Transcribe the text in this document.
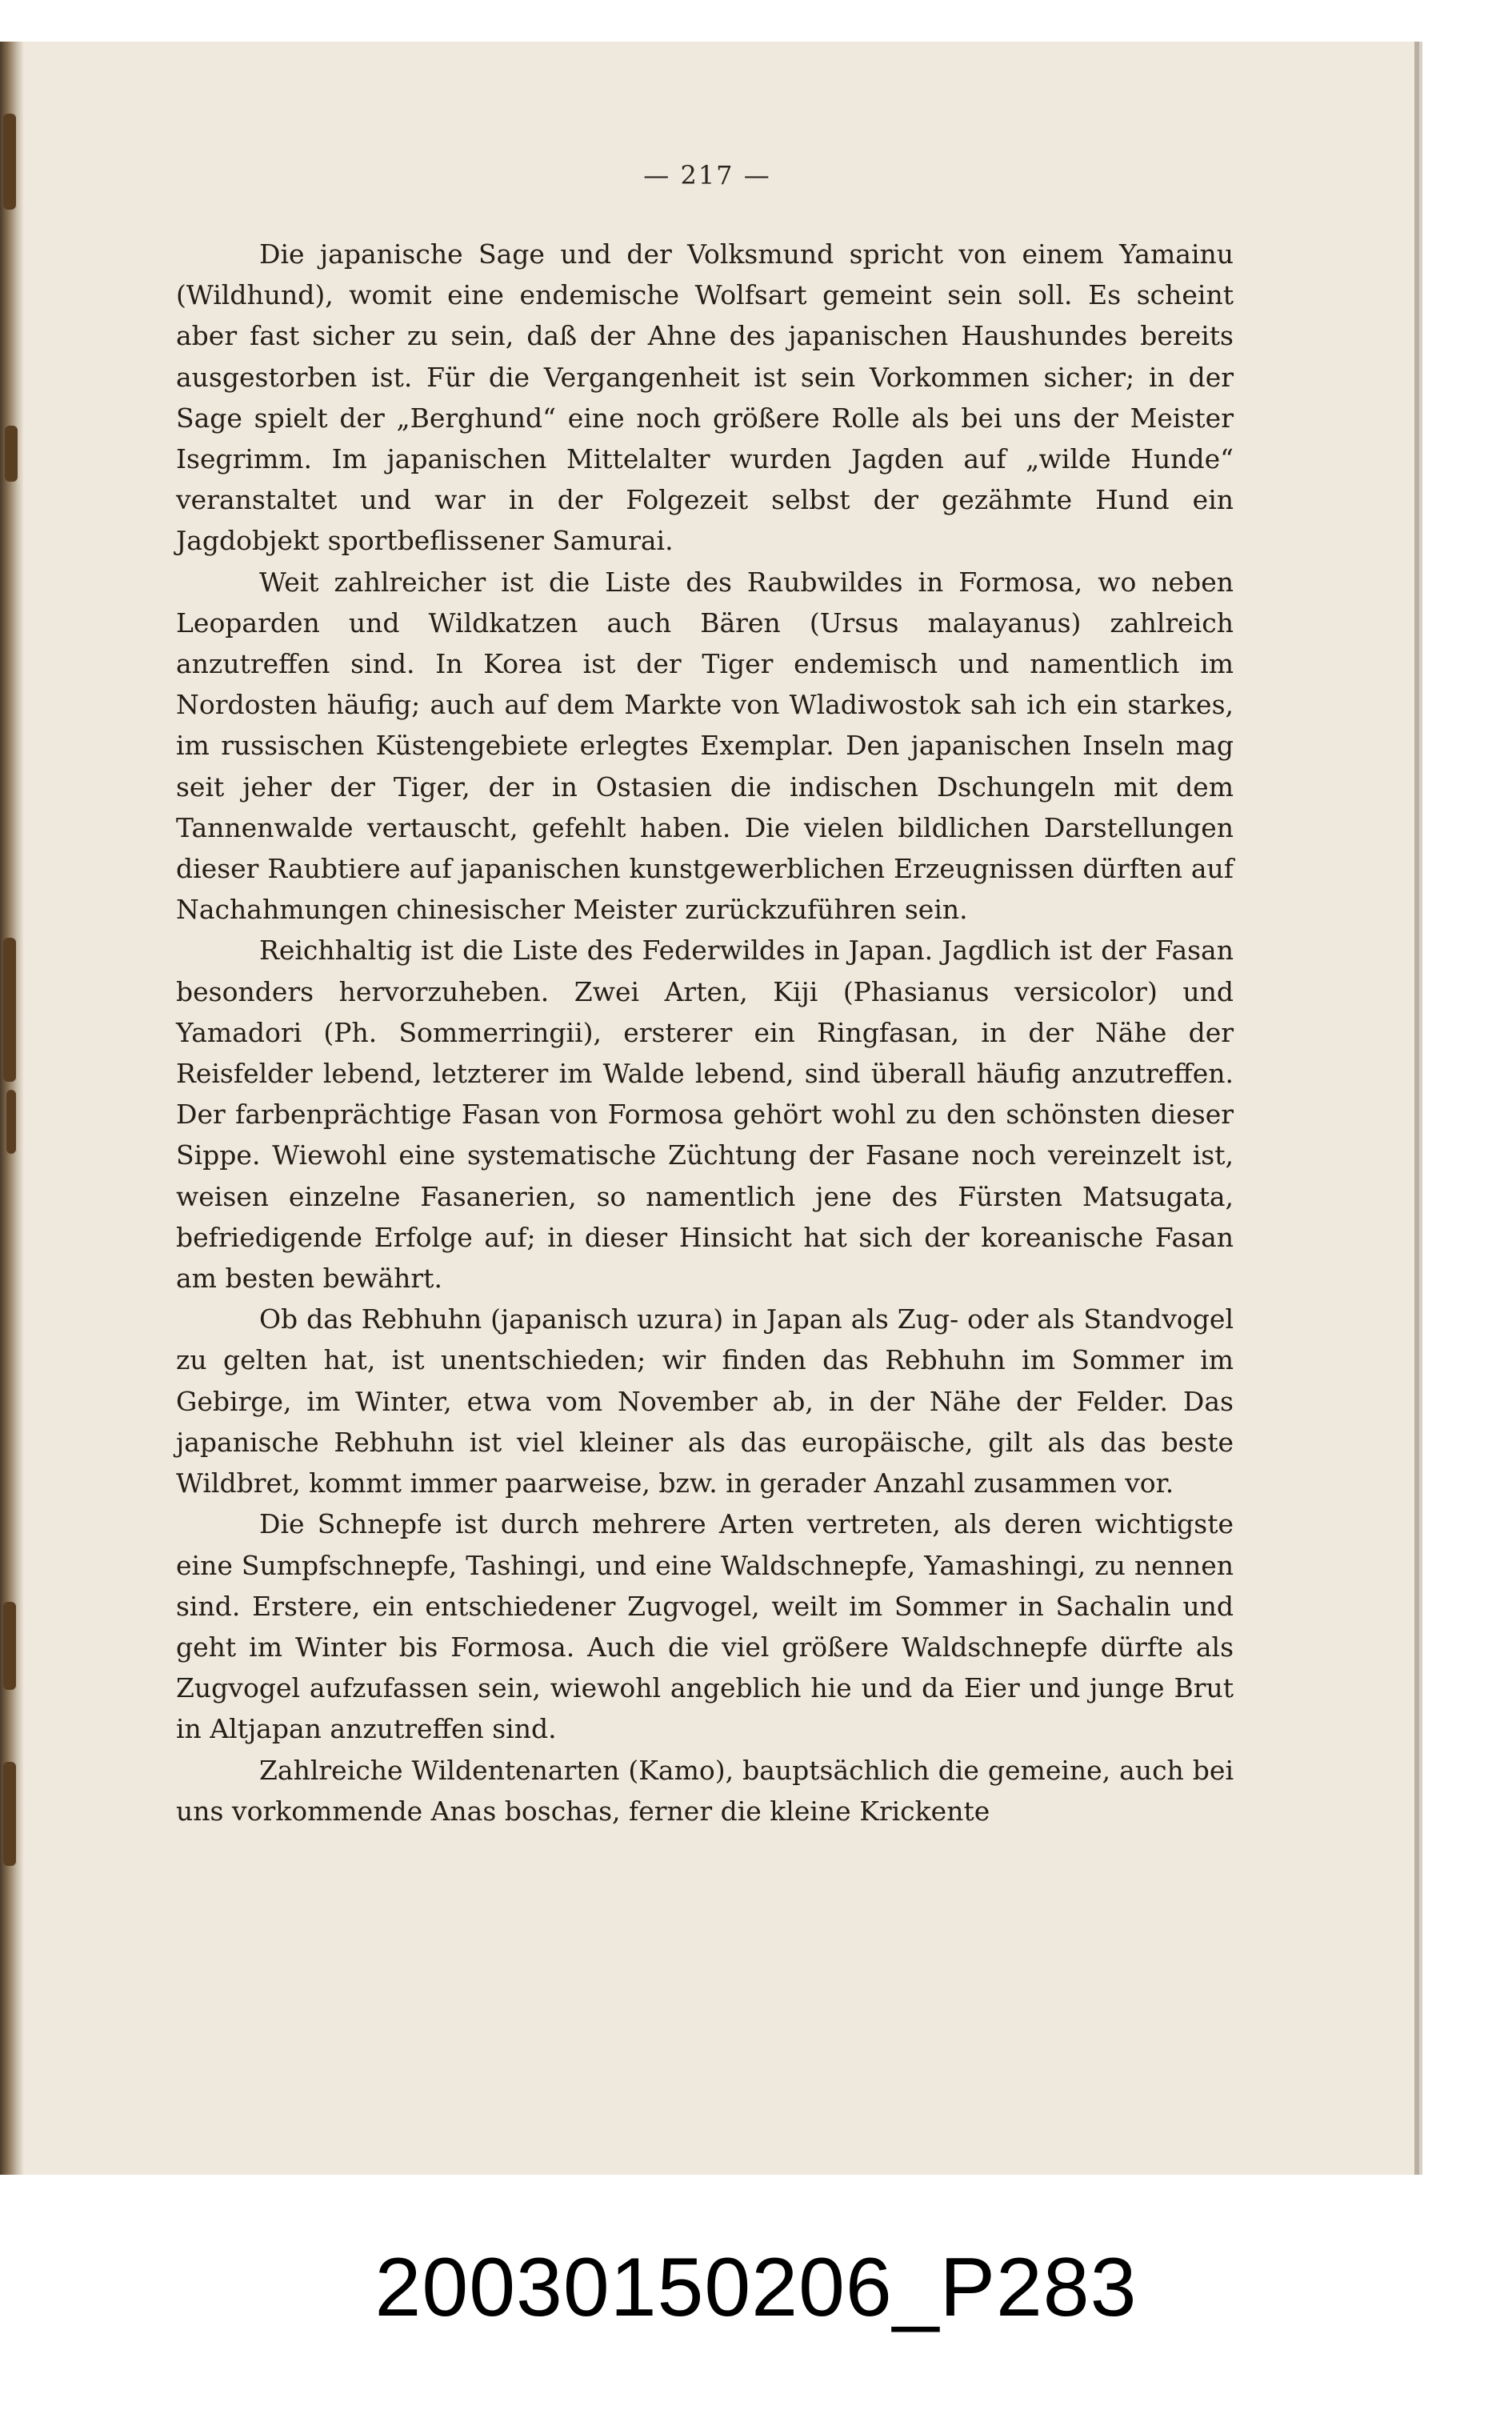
— 217 —

Die japanische Sage und der Volksmund spricht von einem Yamainu (Wildhund), womit eine endemische Wolfsart gemeint sein soll. Es scheint aber fast sicher zu sein, daß der Ahne des japanischen Haushundes bereits ausgestorben ist. Für die Vergangenheit ist sein Vorkommen sicher; in der Sage spielt der „Berghund“ eine noch größere Rolle als bei uns der Meister Isegrimm. Im japanischen Mittelalter wurden Jagden auf „wilde Hunde“ veranstaltet und war in der Folgezeit selbst der gezähmte Hund ein Jagdobjekt sportbeflissener Samurai.

Weit zahlreicher ist die Liste des Raubwildes in Formosa, wo neben Leoparden und Wildkatzen auch Bären (Ursus malayanus) zahlreich anzutreffen sind. In Korea ist der Tiger endemisch und namentlich im Nordosten häufig; auch auf dem Markte von Wladiwostok sah ich ein starkes, im russischen Küstengebiete erlegtes Exemplar. Den japanischen Inseln mag seit jeher der Tiger, der in Ostasien die indischen Dschungeln mit dem Tannenwalde vertauscht, gefehlt haben. Die vielen bildlichen Darstellungen dieser Raubtiere auf japanischen kunstgewerblichen Erzeugnissen dürften auf Nachahmungen chinesischer Meister zurückzuführen sein.

Reichhaltig ist die Liste des Federwildes in Japan. Jagdlich ist der Fasan besonders hervorzuheben. Zwei Arten, Kiji (Phasianus versicolor) und Yamadori (Ph. Sommerringii), ersterer ein Ringfasan, in der Nähe der Reisfelder lebend, letzterer im Walde lebend, sind überall häufig anzutreffen. Der farbenprächtige Fasan von Formosa gehört wohl zu den schönsten dieser Sippe. Wiewohl eine systematische Züchtung der Fasane noch vereinzelt ist, weisen einzelne Fasanerien, so namentlich jene des Fürsten Matsugata, befriedigende Erfolge auf; in dieser Hinsicht hat sich der koreanische Fasan am besten bewährt.

Ob das Rebhuhn (japanisch uzura) in Japan als Zug- oder als Standvogel zu gelten hat, ist unentschieden; wir finden das Rebhuhn im Sommer im Gebirge, im Winter, etwa vom November ab, in der Nähe der Felder. Das japanische Rebhuhn ist viel kleiner als das europäische, gilt als das beste Wildbret, kommt immer paarweise, bzw. in gerader Anzahl zusammen vor.

Die Schnepfe ist durch mehrere Arten vertreten, als deren wichtigste eine Sumpfschnepfe, Tashingi, und eine Waldschnepfe, Yamashingi, zu nennen sind. Erstere, ein entschiedener Zugvogel, weilt im Sommer in Sachalin und geht im Winter bis Formosa. Auch die viel größere Waldschnepfe dürfte als Zugvogel aufzufassen sein, wiewohl angeblich hie und da Eier und junge Brut in Altjapan anzutreffen sind.

Zahlreiche Wildentenarten (Kamo), bauptsächlich die gemeine, auch bei uns vorkommende Anas boschas, ferner die kleine Krickente

20030150206_P283
